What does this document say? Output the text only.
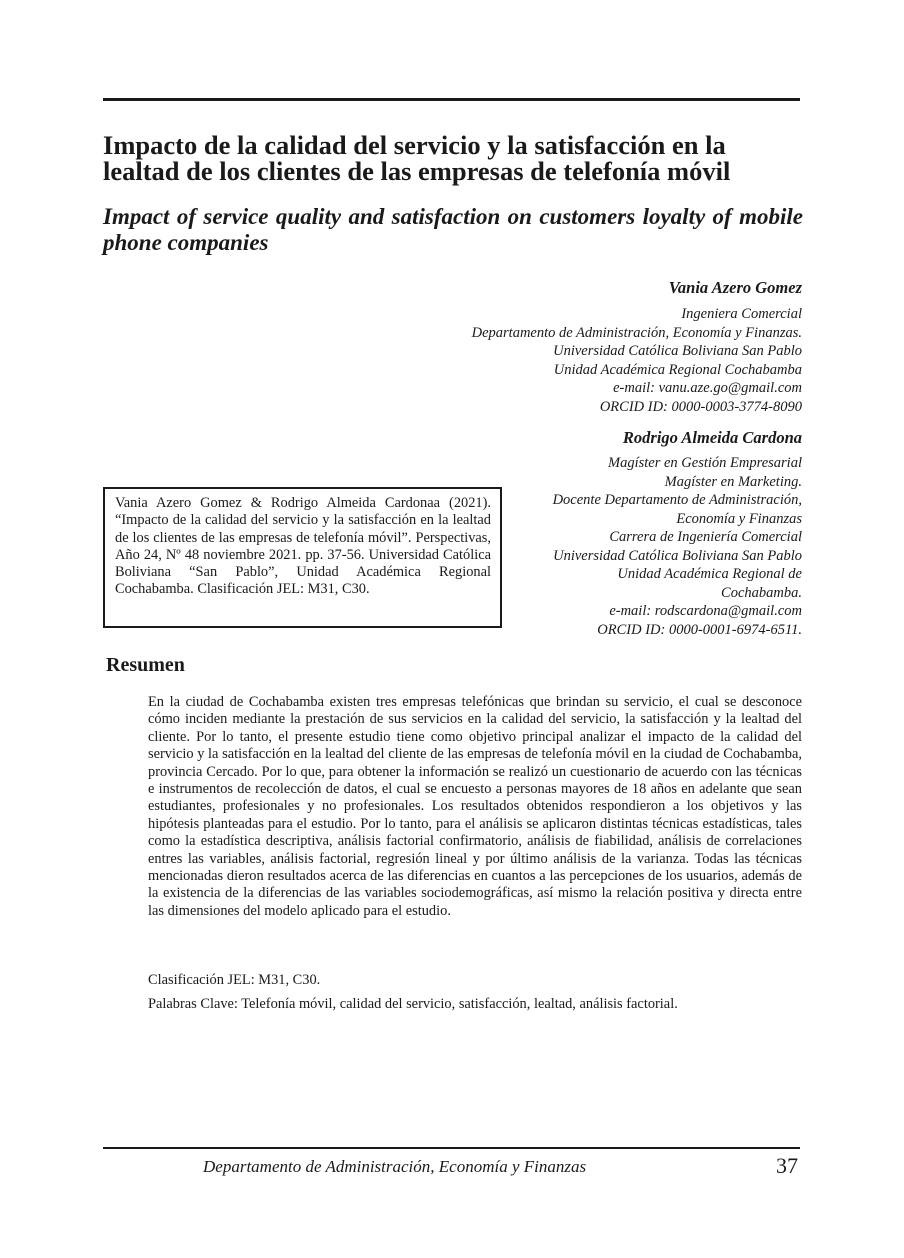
Impacto de la calidad del servicio y la satisfacción en la lealtad de los clientes de las empresas de telefonía móvil
Impact of service quality and satisfaction on customers loyalty of mobile phone companies
Vania Azero Gomez
Ingeniera Comercial
Departamento de Administración, Economía y Finanzas.
Universidad Católica Boliviana San Pablo
Unidad Académica Regional Cochabamba
e-mail: vanu.aze.go@gmail.com
ORCID ID: 0000-0003-3774-8090
Rodrigo Almeida Cardona
Magíster en Gestión Empresarial
Magíster en Marketing.
Docente Departamento de Administración,
Economía y Finanzas
Carrera de Ingeniería Comercial
Universidad Católica Boliviana San Pablo
Unidad Académica Regional de
Cochabamba.
e-mail: rodscardona@gmail.com
ORCID ID: 0000-0001-6974-6511.
Vania Azero Gomez & Rodrigo Almeida Cardonaa (2021). “Impacto de la calidad del servicio y la satisfacción en la lealtad de los clientes de las empresas de telefonía móvil”. Perspectivas, Año 24, Nº 48 noviembre 2021. pp. 37-56. Universidad Católica Boliviana “San Pablo”, Unidad Académica Regional Cochabamba. Clasificación JEL: M31, C30.
Resumen

En la ciudad de Cochabamba existen tres empresas telefónicas que brindan su servicio, el cual se desconoce cómo inciden mediante la prestación de sus servicios en la calidad del servicio, la satisfacción y la lealtad del cliente. Por lo tanto, el presente estudio tiene como objetivo principal analizar el impacto de la calidad del servicio y la satisfacción en la lealtad del cliente de las empresas de telefonía móvil en la ciudad de Cochabamba, provincia Cercado. Por lo que, para obtener la información se realizó un cuestionario de acuerdo con las técnicas e instrumentos de recolección de datos, el cual se encuesto a personas mayores de 18 años en adelante que sean estudiantes, profesionales y no profesionales. Los resultados obtenidos respondieron a los objetivos y las hipótesis planteadas para el estudio. Por lo tanto, para el análisis se aplicaron distintas técnicas estadísticas, tales como la estadística descriptiva, análisis factorial confirmatorio, análisis de fiabilidad, análisis de correlaciones entres las variables, análisis factorial, regresión lineal y por último análisis de la varianza. Todas las técnicas mencionadas dieron resultados acerca de las diferencias en cuantos a las percepciones de los usuarios, además de la existencia de la diferencias de las variables sociodemográficas, así mismo la relación positiva y directa entre las dimensiones del modelo aplicado para el estudio.

Clasificación JEL: M31, C30.

Palabras Clave: Telefonía móvil, calidad del servicio, satisfacción, lealtad, análisis factorial.

Departamento de Administración, Economía y Finanzas	37
